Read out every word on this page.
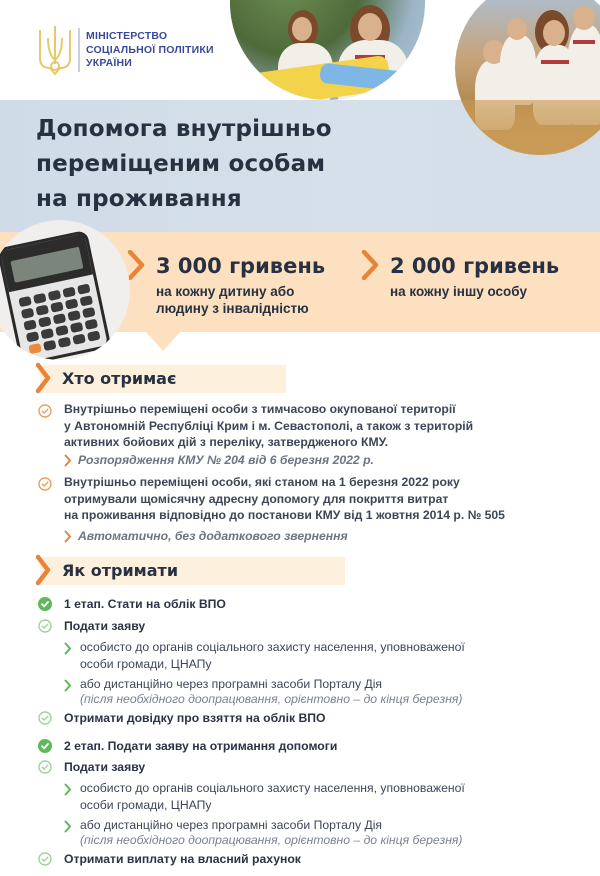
МІНІСТЕРСТВО
СОЦІАЛЬНОЇ ПОЛІТИКИ
УКРАЇНИ
Допомога внутрішньо
переміщеним особам
на проживання
3 000 гривень
на кожну дитину або
людину з інвалідністю
2 000 гривень
на кожну іншу особу
Хто отримає
Внутрішньо переміщені особи з тимчасово окупованої території
у Автономній Республіці Крим і м. Севастополі, а також з територій
активних бойових дій з переліку, затвердженого КМУ.
Розпорядження КМУ № 204 від 6 березня 2022 р.
Внутрішньо переміщені особи, які станом на 1 березня 2022 року
отримували щомісячну адресну допомогу для покриття витрат
на проживання відповідно до постанови КМУ від 1 жовтня 2014 р. № 505
Автоматично, без додаткового звернення
Як отримати
1 етап. Стати на облік ВПО
Подати заяву
особисто до органів соціального захисту населення, уповноваженої
особи громади, ЦНАПу
або дистанційно через програмні засоби Порталу Дія
(після необхідного доопрацювання, орієнтовно – до кінця березня)
Отримати довідку про взяття на облік ВПО
2 етап. Подати заяву на отримання допомоги
Подати заяву
особисто до органів соціального захисту населення, уповноваженої
особи громади, ЦНАПу
або дистанційно через програмні засоби Порталу Дія
(після необхідного доопрацювання, орієнтовно – до кінця березня)
Отримати виплату на власний рахунок
